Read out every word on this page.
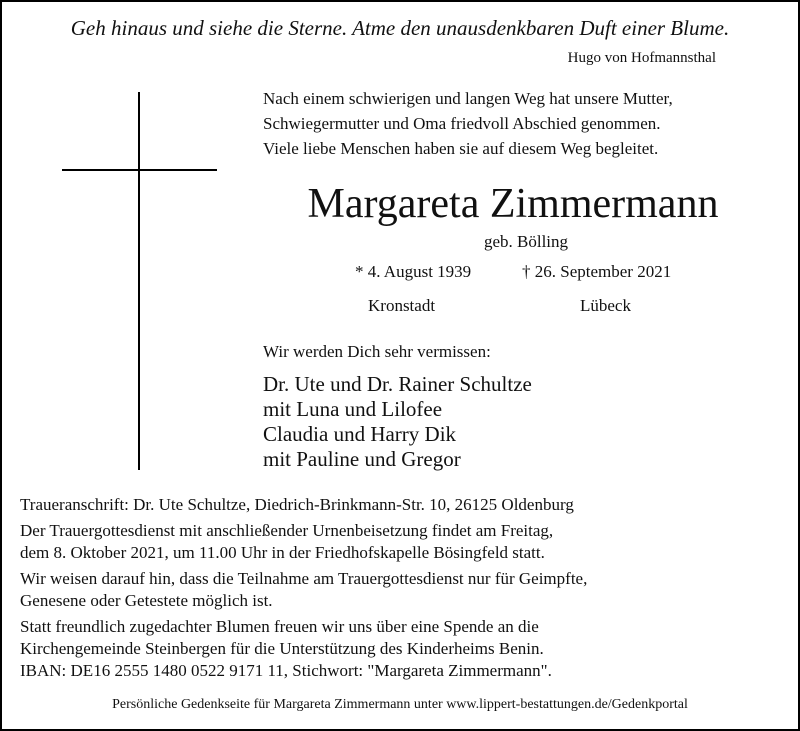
Geh hinaus und siehe die Sterne. Atme den unausdenkbaren Duft einer Blume.
Hugo von Hofmannsthal
Nach einem schwierigen und langen Weg hat unsere Mutter,
Schwiegermutter und Oma friedvoll Abschied genommen.
Viele liebe Menschen haben sie auf diesem Weg begleitet.
Margareta Zimmermann
geb. Bölling
* 4. August 1939	† 26. September 2021
Kronstadt	Lübeck
Wir werden Dich sehr vermissen:
Dr. Ute und Dr. Rainer Schultze
mit Luna und Lilofee
Claudia und Harry Dik
mit Pauline und Gregor
Traueranschrift: Dr. Ute Schultze, Diedrich-Brinkmann-Str. 10, 26125 Oldenburg
Der Trauergottesdienst mit anschließender Urnenbeisetzung findet am Freitag,
dem 8. Oktober 2021, um 11.00 Uhr in der Friedhofskapelle Bösingfeld statt.
Wir weisen darauf hin, dass die Teilnahme am Trauergottesdienst nur für Geimpfte,
Genesene oder Getestete möglich ist.
Statt freundlich zugedachter Blumen freuen wir uns über eine Spende an die
Kirchengemeinde Steinbergen für die Unterstützung des Kinderheims Benin.
IBAN: DE16 2555 1480 0522 9171 11, Stichwort: "Margareta Zimmermann".
Persönliche Gedenkseite für Margareta Zimmermann unter www.lippert-bestattungen.de/Gedenkportal
